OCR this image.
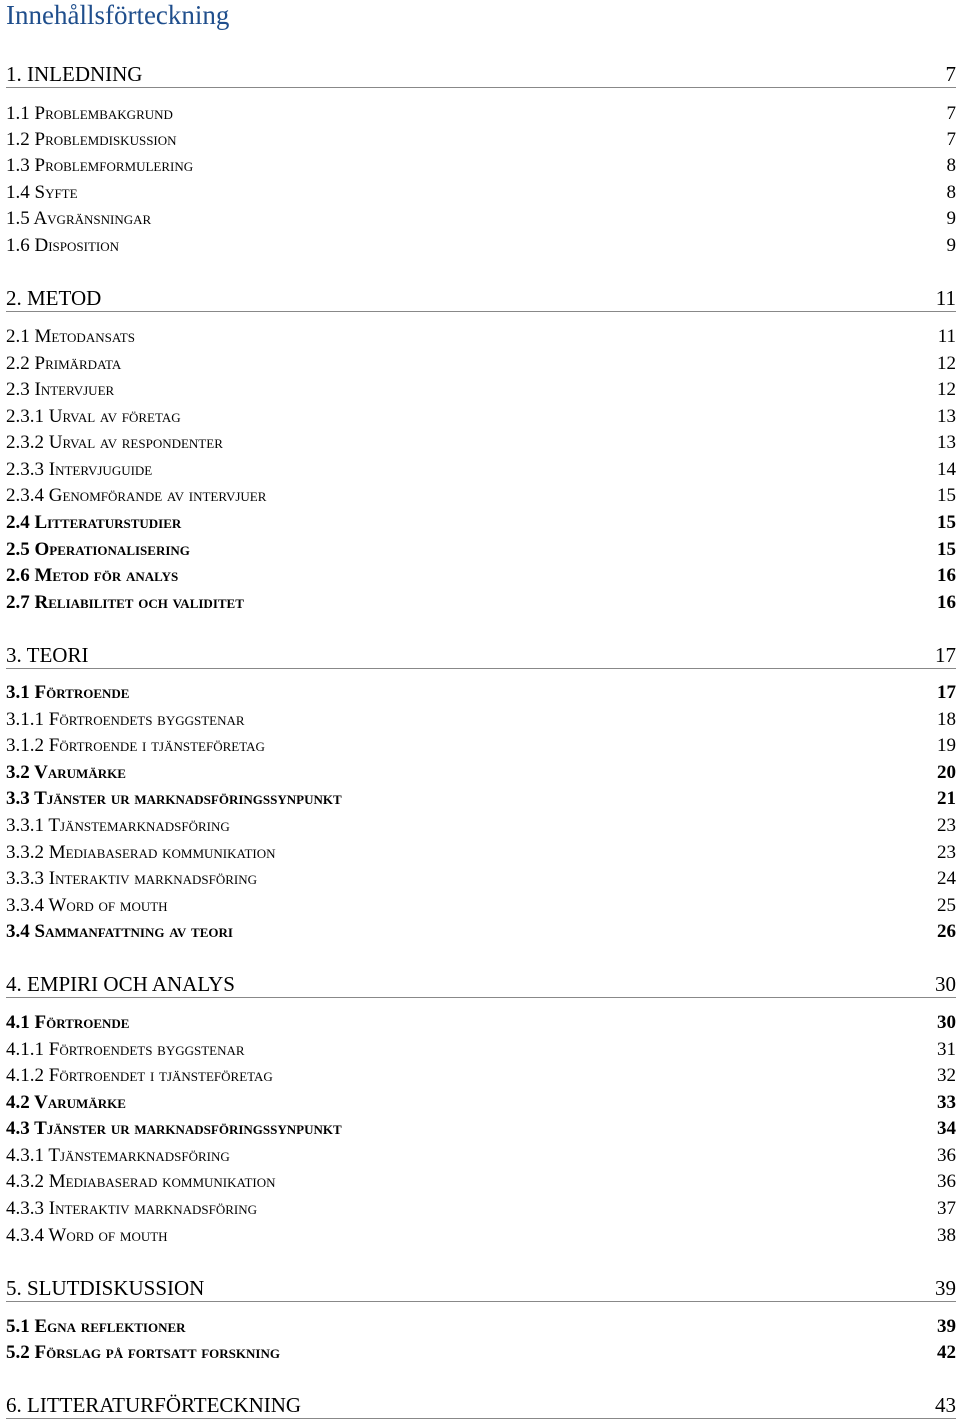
Innehållsförteckning
1. INLEDNING	7
1.1 Problembakgrund	7
1.2 Problemdiskussion	7
1.3 Problemformulering	8
1.4 Syfte	8
1.5 Avgränsningar	9
1.6 Disposition	9
2. METOD	11
2.1 Metodansats	11
2.2 Primärdata	12
2.3 Intervjuer	12
2.3.1 Urval av företag	13
2.3.2 Urval av respondenter	13
2.3.3 Intervjuguide	14
2.3.4 Genomförande av intervjuer	15
2.4 Litteraturstudier	15
2.5 Operationalisering	15
2.6 Metod för analys	16
2.7 Reliabilitet och validitet	16
3. TEORI	17
3.1 Förtroende	17
3.1.1 Förtroendets byggstenar	18
3.1.2 Förtroende i tjänsteföretag	19
3.2 Varumärke	20
3.3 Tjänster ur marknadsföringssynpunkt	21
3.3.1 Tjänstemarknadsföring	23
3.3.2 Mediabaserad kommunikation	23
3.3.3 Interaktiv marknadsföring	24
3.3.4 Word of mouth	25
3.4 Sammanfattning av teori	26
4. EMPIRI OCH ANALYS	30
4.1 Förtroende	30
4.1.1 Förtroendets byggstenar	31
4.1.2 Förtroendet i tjänsteföretag	32
4.2 Varumärke	33
4.3 Tjänster ur marknadsföringssynpunkt	34
4.3.1 Tjänstemarknadsföring	36
4.3.2 Mediabaserad kommunikation	36
4.3.3 Interaktiv marknadsföring	37
4.3.4 Word of mouth	38
5. SLUTDISKUSSION	39
5.1 Egna reflektioner	39
5.2 Förslag på fortsatt forskning	42
6. LITTERATURFÖRTECKNING	43
